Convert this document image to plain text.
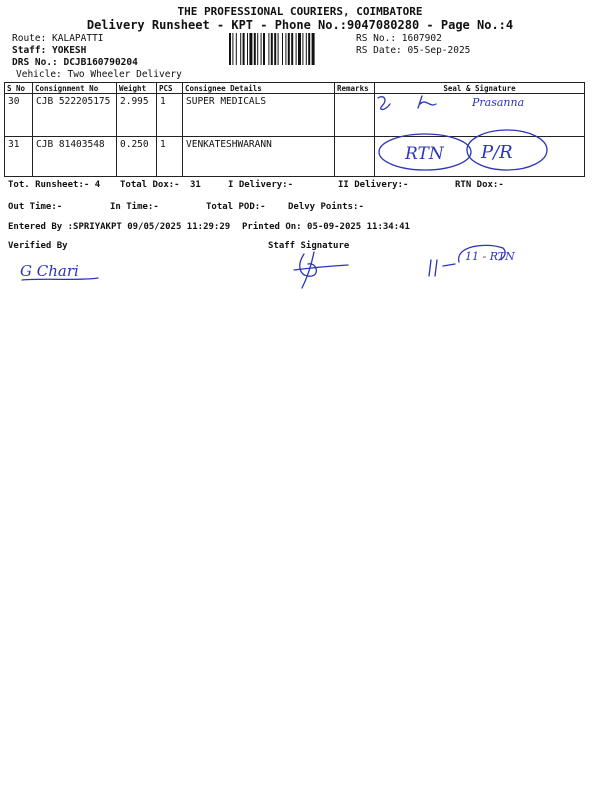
THE PROFESSIONAL COURIERS, COIMBATORE
Delivery Runsheet - KPT - Phone No.:9047080280 - Page No.:4
Route: KALAPATTI
Staff: YOKESH
DRS No.: DCJB160790204
Vehicle: Two Wheeler Delivery
RS No.: 1607902
RS Date: 05-Sep-2025
S No	Consignment No	Weight	PCS	Consignee Details	Remarks	Seal & Signature
30	CJB 522205175	2.995	1	SUPER MEDICALS		
31	CJB 81403548	0.250	1	VENKATESHWARANN		
Tot. Runsheet:- 4 Total Dox:- 31	I Delivery:-	II Delivery:-	RTN Dox:-
Out Time:-	In Time:-	Total POD:- Delvy Points:-
Entered By :SPRIYAKPT 09/05/2025 11:29:29 Printed On: 05-09-2025 11:34:41
Verified By	Staff Signature
Prasanna
RTN P/R
G Chari
11 - RTN
